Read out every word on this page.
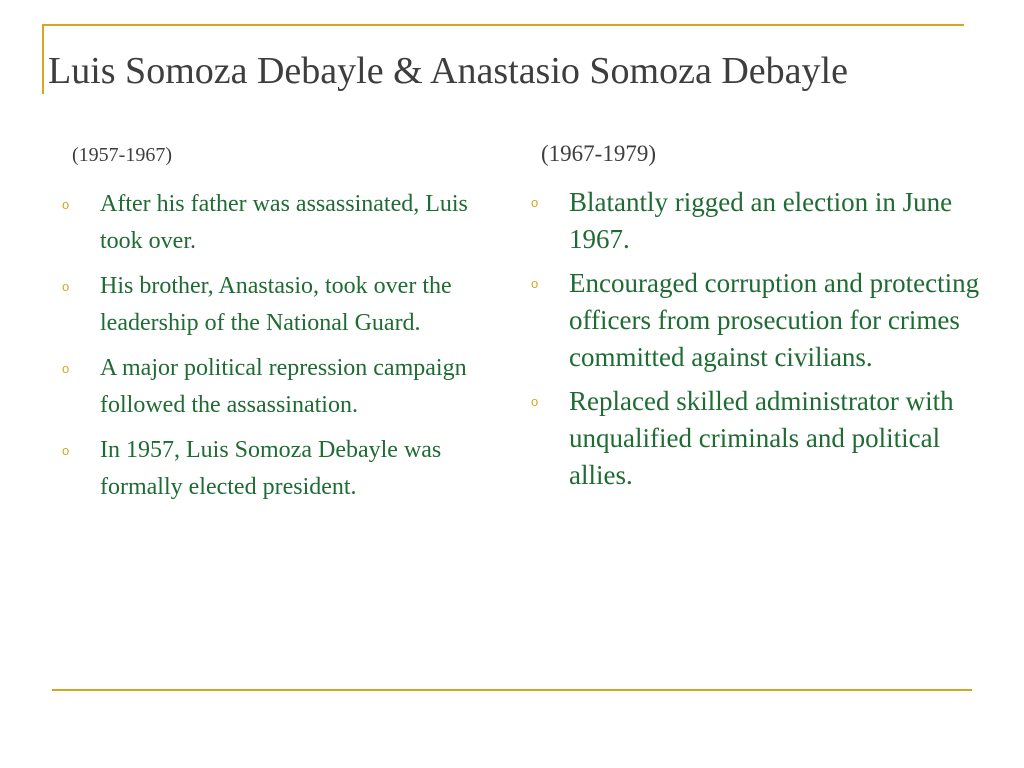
Luis Somoza Debayle & Anastasio Somoza Debayle
(1957-1967)	(1967-1979)
o	After his father was assassinated, Luis took over.
o	His brother, Anastasio, took over the leadership of the National Guard.
o	A major political repression campaign followed the assassination.
o	In 1957, Luis Somoza Debayle was formally elected president.
o	Blatantly rigged an election in June 1967.
o	Encouraged corruption and protecting officers from prosecution for crimes committed against civilians.
o	Replaced skilled administrator with unqualified criminals and political allies.
